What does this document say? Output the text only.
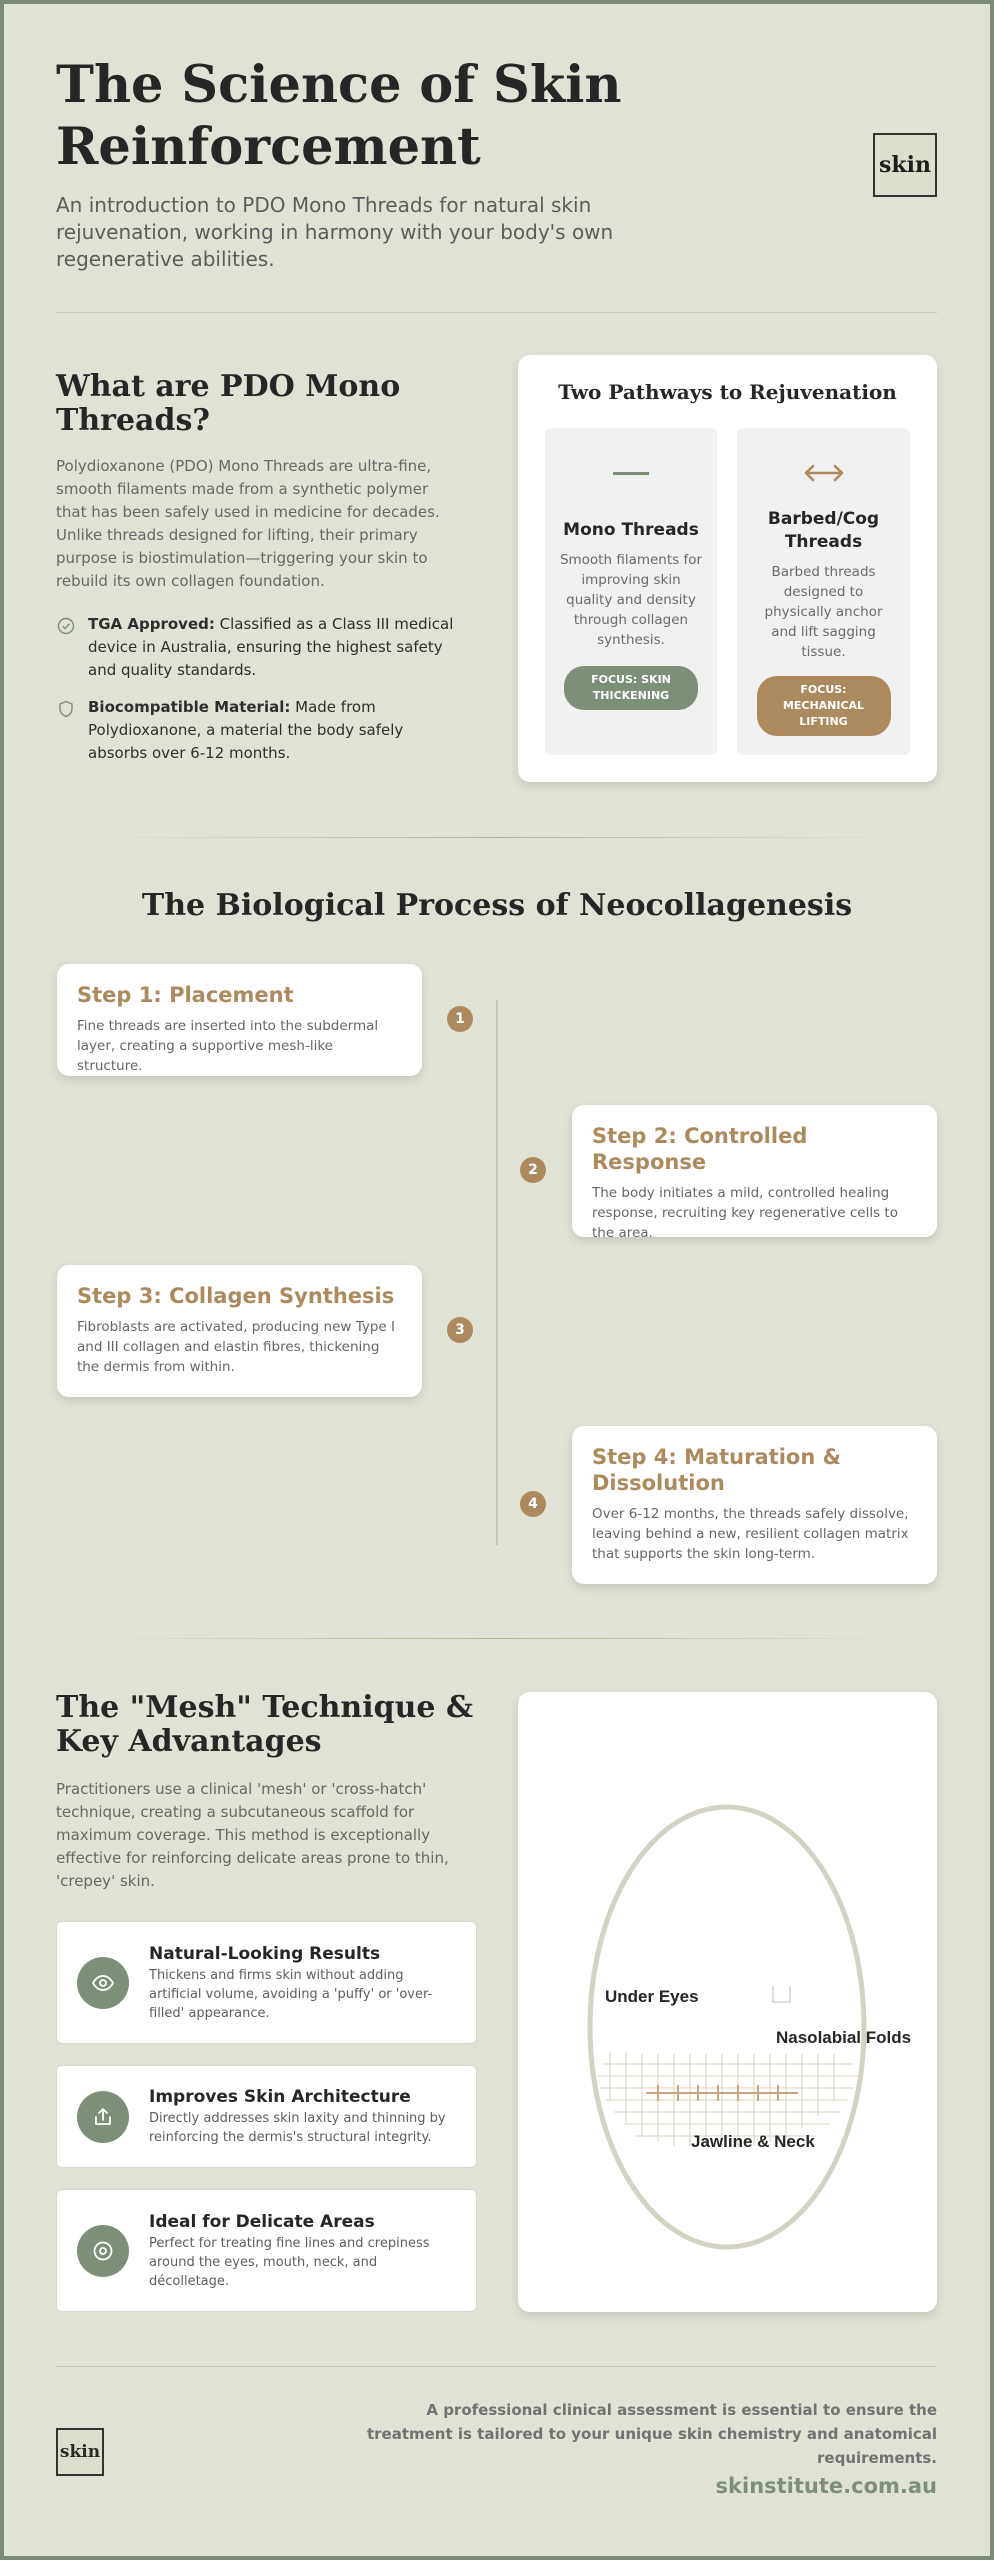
The Science of Skin Reinforcement

An introduction to PDO Mono Threads for natural skin rejuvenation, working in harmony with your body's own regenerative abilities.

skin
What are PDO Mono Threads?

Polydioxanone (PDO) Mono Threads are ultra-fine, smooth filaments made from a synthetic polymer that has been safely used in medicine for decades. Unlike threads designed for lifting, their primary purpose is biostimulation—triggering your skin to rebuild its own collagen foundation.

TGA Approved: Classified as a Class III medical device in Australia, ensuring the highest safety and quality standards.
Biocompatible Material: Made from Polydioxanone, a material the body safely absorbs over 6-12 months.
Two Pathways to Rejuvenation
Mono Threads
Smooth filaments for improving skin quality and density through collagen synthesis.
FOCUS: SKIN THICKENING
Barbed/Cog Threads
Barbed threads designed to physically anchor and lift sagging tissue.
FOCUS: MECHANICAL LIFTING
The Biological Process of Neocollagenesis
Step 1: Placement
Fine threads are inserted into the subdermal layer, creating a supportive mesh-like structure.
1
Step 2: Controlled Response
The body initiates a mild, controlled healing response, recruiting key regenerative cells to the area.
2
Step 3: Collagen Synthesis
Fibroblasts are activated, producing new Type I and III collagen and elastin fibres, thickening the dermis from within.
3
Step 4: Maturation & Dissolution
Over 6-12 months, the threads safely dissolve, leaving behind a new, resilient collagen matrix that supports the skin long-term.
4
The "Mesh" Technique & Key Advantages

Practitioners use a clinical 'mesh' or 'cross-hatch' technique, creating a subcutaneous scaffold for maximum coverage. This method is exceptionally effective for reinforcing delicate areas prone to thin, 'crepey' skin.

Natural-Looking Results
Thickens and firms skin without adding artificial volume, avoiding a 'puffy' or 'over-filled' appearance.
Improves Skin Architecture
Directly addresses skin laxity and thinning by reinforcing the dermis's structural integrity.
Ideal for Delicate Areas
Perfect for treating fine lines and crepiness around the eyes, mouth, neck, and décolletage.
Under Eyes
Nasolabial Folds
Jawline & Neck
skin

A professional clinical assessment is essential to ensure the treatment is tailored to your unique skin chemistry and anatomical requirements.

skinstitute.com.au
